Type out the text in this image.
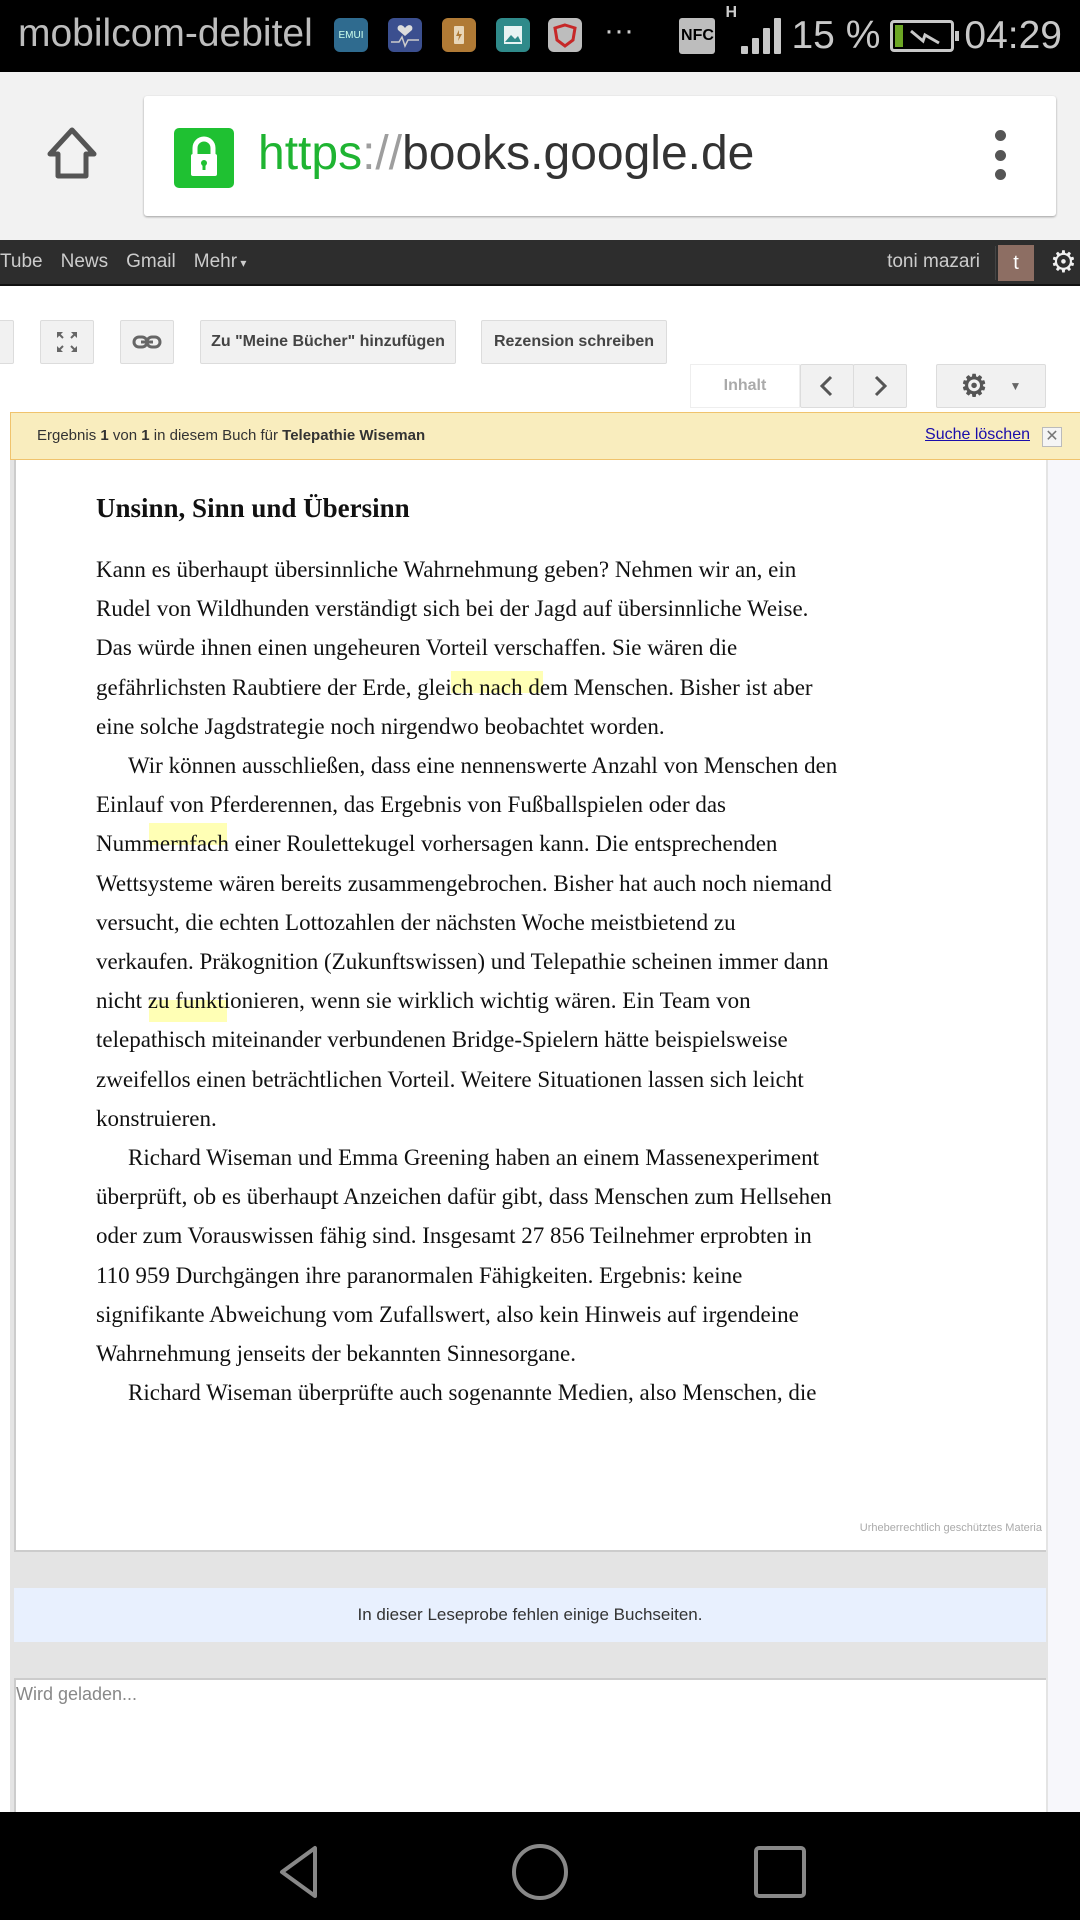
mobilcom-debitel	EMUI	···	NFC
H
15 % 04:29
https://books.google.de
Tube News Gmail Mehr ▾	toni mazari	t	⚙
Zu "Meine Bücher" hinzufügen	Rezension schreiben
Inhalt	⚙ ▼
Ergebnis 1 von 1 in diesem Buch für Telepathie Wiseman	Suche löschen ✕
Unsinn, Sinn und Übersinn

Kann es überhaupt übersinnliche Wahrnehmung geben? Nehmen wir an, ein

Rudel von Wildhunden verständigt sich bei der Jagd auf übersinnliche Weise.

Das würde ihnen einen ungeheuren Vorteil verschaffen. Sie wären die

gefährlichsten Raubtiere der Erde, gleich nach dem Menschen. Bisher ist aber

eine solche Jagdstrategie noch nirgendwo beobachtet worden.

Wir können ausschließen, dass eine nennenswerte Anzahl von Menschen den

Einlauf von Pferderennen, das Ergebnis von Fußballspielen oder das

Nummernfach einer Roulettekugel vorhersagen kann. Die entsprechenden

Wettsysteme wären bereits zusammengebrochen. Bisher hat auch noch niemand

versucht, die echten Lottozahlen der nächsten Woche meistbietend zu

verkaufen. Präkognition (Zukunftswissen) und Telepathie scheinen immer dann

nicht zu funktionieren, wenn sie wirklich wichtig wären. Ein Team von

telepathisch miteinander verbundenen Bridge-Spielern hätte beispielsweise

zweifellos einen beträchtlichen Vorteil. Weitere Situationen lassen sich leicht

konstruieren.

Richard Wiseman und Emma Greening haben an einem Massenexperiment

überprüft, ob es überhaupt Anzeichen dafür gibt, dass Menschen zum Hellsehen

oder zum Vorauswissen fähig sind. Insgesamt 27 856 Teilnehmer erprobten in

110 959 Durchgängen ihre paranormalen Fähigkeiten. Ergebnis: keine

signifikante Abweichung vom Zufallswert, also kein Hinweis auf irgendeine

Wahrnehmung jenseits der bekannten Sinnesorgane.

Richard Wiseman überprüfte auch sogenannte Medien, also Menschen, die

Urheberrechtlich geschütztes Materia
In dieser Leseprobe fehlen einige Buchseiten.
Wird geladen...
